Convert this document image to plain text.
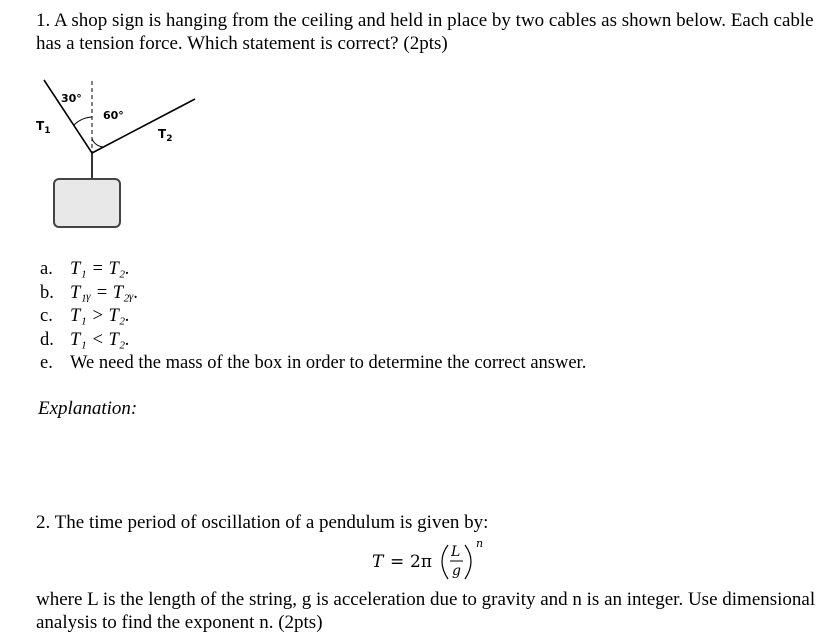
1. A shop sign is hanging from the ceiling and held in place by two cables as shown below. Each cable has a tension force. Which statement is correct? (2pts)
30°
60°
$T_1$	$T_2$
a. T₁ = T₂.
b. T₁ᵧ = T₂ᵧ.
c. T₁ > T₂.
d. T₁ < T₂.
e. We need the mass of the box in order to determine the correct answer.
Explanation:
2. The time period of oscillation of a pendulum is given by:
T = 2π L
g
n
where L is the length of the string, g is acceleration due to gravity and n is an integer. Use dimensional analysis to find the exponent n. (2pts)
